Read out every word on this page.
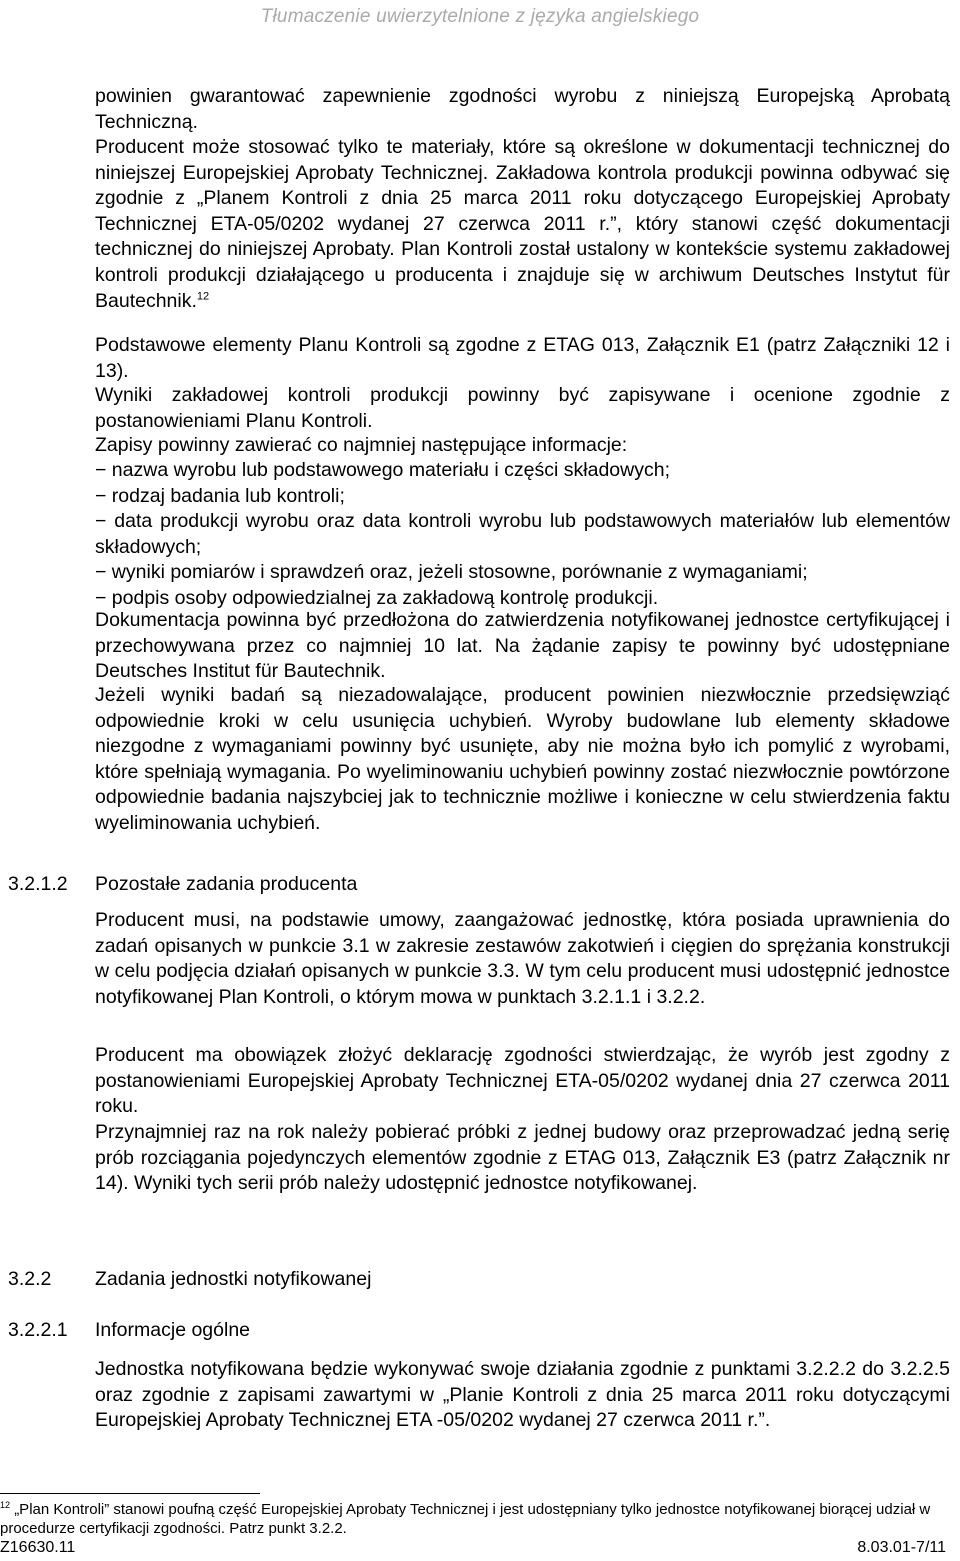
Tłumaczenie uwierzytelnione z języka angielskiego

powinien gwarantować zapewnienie zgodności wyrobu z niniejszą Europejską Aprobatą Techniczną.

Producent może stosować tylko te materiały, które są określone w dokumentacji technicznej do niniejszej Europejskiej Aprobaty Technicznej. Zakładowa kontrola produkcji powinna odbywać się zgodnie z „Planem Kontroli z dnia 25 marca 2011 roku dotyczącego Europejskiej Aprobaty Technicznej ETA-05/0202 wydanej 27 czerwca 2011 r.”, który stanowi część dokumentacji technicznej do niniejszej Aprobaty. Plan Kontroli został ustalony w kontekście systemu zakładowej kontroli produkcji działającego u producenta i znajduje się w archiwum Deutsches Instytut für Bautechnik.$^{12}$

Podstawowe elementy Planu Kontroli są zgodne z ETAG 013, Załącznik E1 (patrz Załączniki 12 i 13).

Wyniki zakładowej kontroli produkcji powinny być zapisywane i ocenione zgodnie z postanowieniami Planu Kontroli.

Zapisy powinny zawierać co najmniej następujące informacje:

− nazwa wyrobu lub podstawowego materiału i części składowych;
− rodzaj badania lub kontroli;
− data produkcji wyrobu oraz data kontroli wyrobu lub podstawowych materiałów lub elementów składowych;
− wyniki pomiarów i sprawdzeń oraz, jeżeli stosowne, porównanie z wymaganiami;
− podpis osoby odpowiedzialnej za zakładową kontrolę produkcji.

Dokumentacja powinna być przedłożona do zatwierdzenia notyfikowanej jednostce certyfikującej i przechowywana przez co najmniej 10 lat. Na żądanie zapisy te powinny być udostępniane Deutsches Institut für Bautechnik.

Jeżeli wyniki badań są niezadowalające, producent powinien niezwłocznie przedsięwziąć odpowiednie kroki w celu usunięcia uchybień. Wyroby budowlane lub elementy składowe niezgodne z wymaganiami powinny być usunięte, aby nie można było ich pomylić z wyrobami, które spełniają wymagania. Po wyeliminowaniu uchybień powinny zostać niezwłocznie powtórzone odpowiednie badania najszybciej jak to technicznie możliwe i konieczne w celu stwierdzenia faktu wyeliminowania uchybień.

3.2.1.2 Pozostałe zadania producenta

Producent musi, na podstawie umowy, zaangażować jednostkę, która posiada uprawnienia do zadań opisanych w punkcie 3.1 w zakresie zestawów zakotwień i cięgien do sprężania konstrukcji w celu podjęcia działań opisanych w punkcie 3.3. W tym celu producent musi udostępnić jednostce notyfikowanej Plan Kontroli, o którym mowa w punktach 3.2.1.1 i 3.2.2.

Producent ma obowiązek złożyć deklarację zgodności stwierdzając, że wyrób jest zgodny z postanowieniami Europejskiej Aprobaty Technicznej ETA-05/0202 wydanej dnia 27 czerwca 2011 roku.

Przynajmniej raz na rok należy pobierać próbki z jednej budowy oraz przeprowadzać jedną serię prób rozciągania pojedynczych elementów zgodnie z ETAG 013, Załącznik E3 (patrz Załącznik nr 14). Wyniki tych serii prób należy udostępnić jednostce notyfikowanej.

3.2.2 Zadania jednostki notyfikowanej
3.2.2.1 Informacje ogólne

Jednostka notyfikowana będzie wykonywać swoje działania zgodnie z punktami 3.2.2.2 do 3.2.2.5 oraz zgodnie z zapisami zawartymi w „Planie Kontroli z dnia 25 marca 2011 roku dotyczącymi Europejskiej Aprobaty Technicznej ETA -05/0202 wydanej 27 czerwca 2011 r.”.

$^{12}$ „Plan Kontroli” stanowi poufną część Europejskiej Aprobaty Technicznej i jest udostępniany tylko jednostce notyfikowanej biorącej udział w procedurze certyfikacji zgodności. Patrz punkt 3.2.2.

Z16630.11	8.03.01-7/11
